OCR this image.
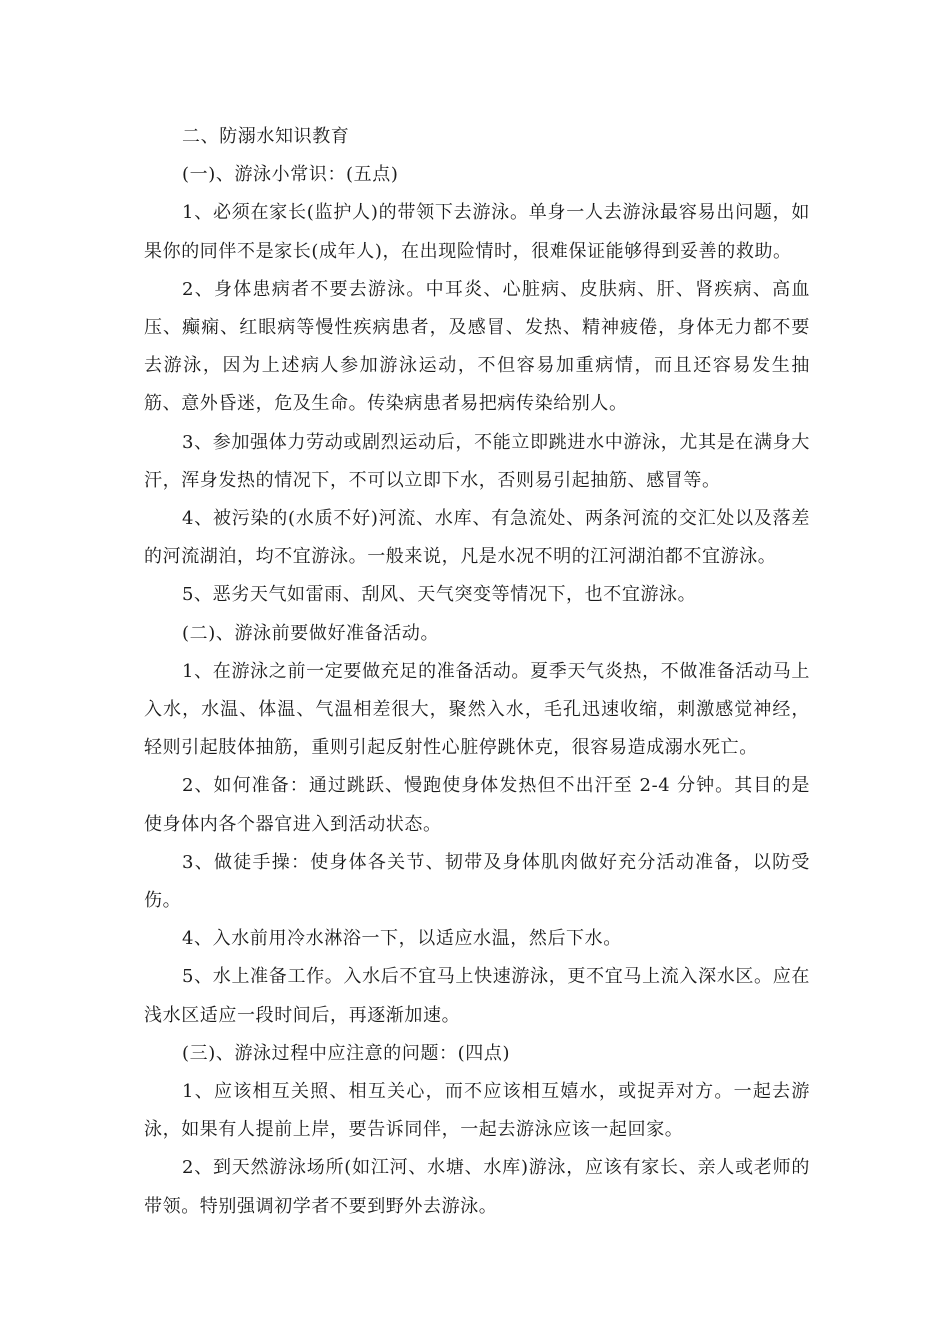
二、防溺水知识教育

(一)、游泳小常识：(五点)

1、必须在家长(监护人)的带领下去游泳。单身一人去游泳最容易出问题，如果你的同伴不是家长(成年人)，在出现险情时，很难保证能够得到妥善的救助。

2、身体患病者不要去游泳。中耳炎、心脏病、皮肤病、肝、肾疾病、高血压、癫痫、红眼病等慢性疾病患者，及感冒、发热、精神疲倦，身体无力都不要去游泳，因为上述病人参加游泳运动，不但容易加重病情，而且还容易发生抽筋、意外昏迷，危及生命。传染病患者易把病传染给别人。

3、参加强体力劳动或剧烈运动后，不能立即跳进水中游泳，尤其是在满身大汗，浑身发热的情况下，不可以立即下水，否则易引起抽筋、感冒等。

4、被污染的(水质不好)河流、水库、有急流处、两条河流的交汇处以及落差的河流湖泊，均不宜游泳。一般来说，凡是水况不明的江河湖泊都不宜游泳。

5、恶劣天气如雷雨、刮风、天气突变等情况下，也不宜游泳。

(二)、游泳前要做好准备活动。

1、在游泳之前一定要做充足的准备活动。夏季天气炎热，不做准备活动马上入水，水温、体温、气温相差很大，聚然入水，毛孔迅速收缩，刺激感觉神经，轻则引起肢体抽筋，重则引起反射性心脏停跳休克，很容易造成溺水死亡。

2、如何准备：通过跳跃、慢跑使身体发热但不出汗至 2-4 分钟。其目的是使身体内各个器官进入到活动状态。

3、做徒手操：使身体各关节、韧带及身体肌肉做好充分活动准备，以防受伤。

4、入水前用冷水淋浴一下，以适应水温，然后下水。

5、水上准备工作。入水后不宜马上快速游泳，更不宜马上流入深水区。应在浅水区适应一段时间后，再逐渐加速。

(三)、游泳过程中应注意的问题：(四点)

1、应该相互关照、相互关心，而不应该相互嬉水，或捉弄对方。一起去游泳，如果有人提前上岸，要告诉同伴，一起去游泳应该一起回家。

2、到天然游泳场所(如江河、水塘、水库)游泳，应该有家长、亲人或老师的带领。特别强调初学者不要到野外去游泳。
